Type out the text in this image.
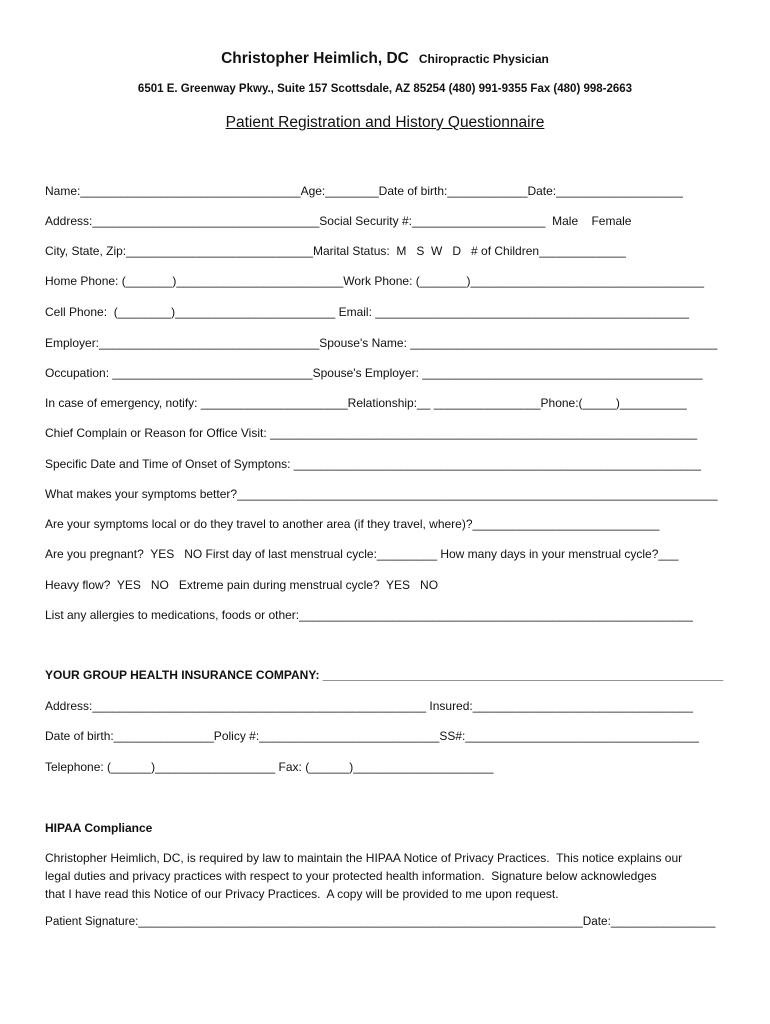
Christopher Heimlich, DC Chiropractic Physician
6501 E. Greenway Pkwy., Suite 157 Scottsdale, AZ 85254 (480) 991-9355 Fax (480) 998-2663
Patient Registration and History Questionnaire
Name:_________________________________Age:________Date of birth:____________Date:___________________
Address:__________________________________Social Security #:____________________  Male    Female
City, State, Zip:____________________________Marital Status:  M   S  W   D   # of Children_____________
Home Phone: (_______)_________________________Work Phone: (_______)___________________________________
Cell Phone:  (________)________________________ Email: _______________________________________________
Employer:_________________________________Spouse's Name: ______________________________________________
Occupation: ______________________________Spouse's Employer: __________________________________________
In case of emergency, notify: ______________________Relationship:__ ________________Phone:(_____)__________
Chief Complain or Reason for Office Visit: ________________________________________________________________
Specific Date and Time of Onset of Symptons: _____________________________________________________________
What makes your symptoms better?________________________________________________________________________
Are your symptoms local or do they travel to another area (if they travel, where)?____________________________
Are you pregnant?  YES   NO First day of last menstrual cycle:_________ How many days in your menstrual cycle?___
Heavy flow?  YES   NO   Extreme pain during menstrual cycle?  YES   NO
List any allergies to medications, foods or other:___________________________________________________________
YOUR GROUP HEALTH INSURANCE COMPANY: ____________________________________________________________
Address:__________________________________________________ Insured:_________________________________
Date of birth:_______________Policy #:___________________________SS#:___________________________________
Telephone: (______)__________________ Fax: (______)_____________________
HIPAA Compliance
Christopher Heimlich, DC, is required by law to maintain the HIPAA Notice of Privacy Practices.  This notice explains our
legal duties and privacy practices with respect to your protected health information.  Signature below acknowledges
that I have read this Notice of our Privacy Practices.  A copy will be provided to me upon request.
Patient Signature:____________________________________________________________________Date:________________
